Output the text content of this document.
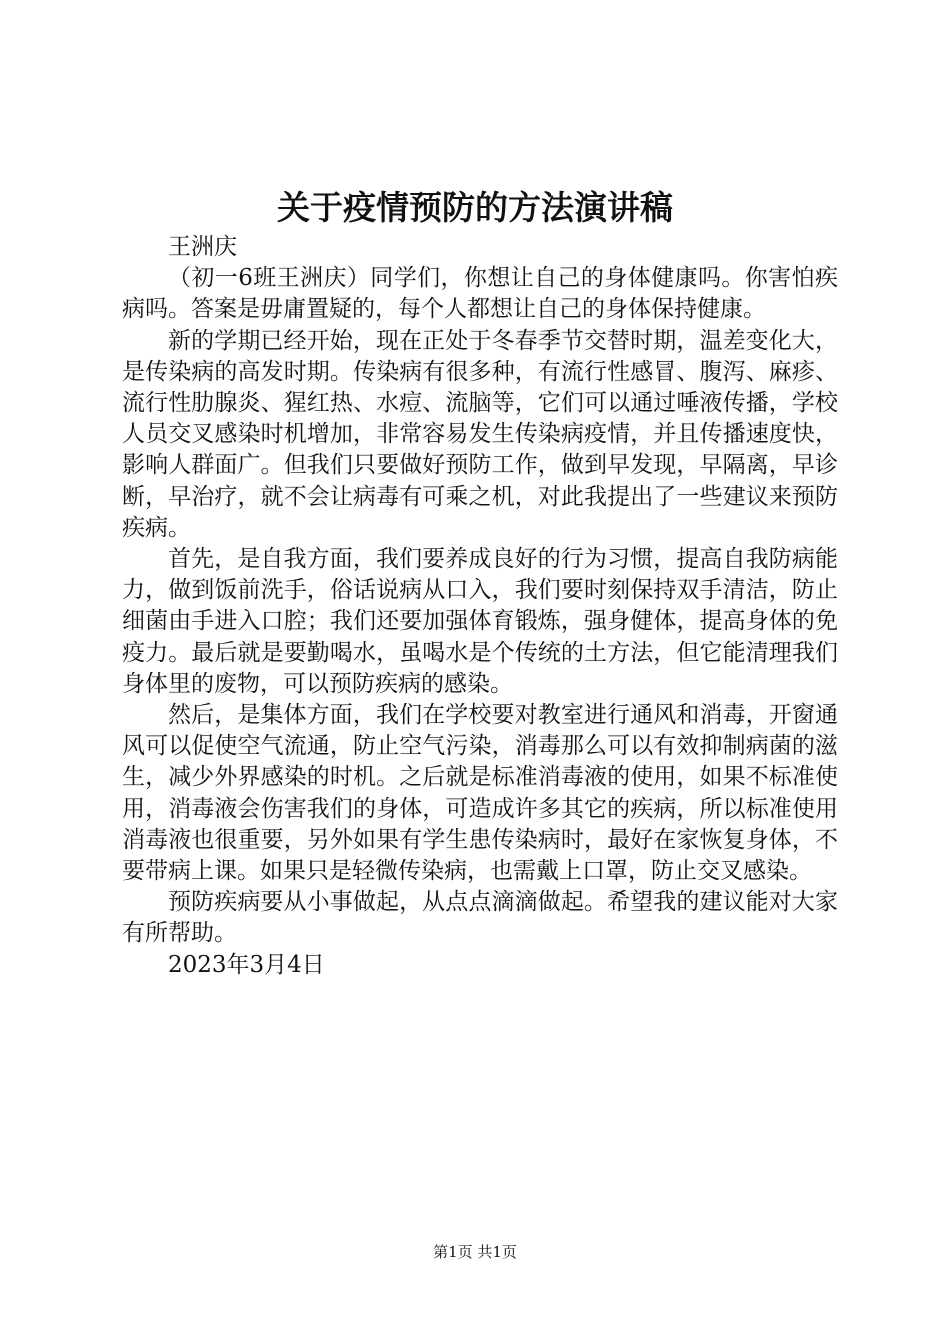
关于疫情预防的方法演讲稿

王洲庆

（初一6班王洲庆）同学们，你想让自己的身体健康吗。你害怕疾病吗。答案是毋庸置疑的，每个人都想让自己的身体保持健康。

新的学期已经开始，现在正处于冬春季节交替时期，温差变化大，是传染病的高发时期。传染病有很多种，有流行性感冒、腹泻、麻疹、流行性肋腺炎、猩红热、水痘、流脑等，它们可以通过唾液传播，学校人员交叉感染时机增加，非常容易发生传染病疫情，并且传播速度快，影响人群面广。但我们只要做好预防工作，做到早发现，早隔离，早诊断，早治疗，就不会让病毒有可乘之机，对此我提出了一些建议来预防疾病。

首先，是自我方面，我们要养成良好的行为习惯，提高自我防病能力，做到饭前洗手，俗话说病从口入，我们要时刻保持双手清洁，防止细菌由手进入口腔；我们还要加强体育锻炼，强身健体，提高身体的免疫力。最后就是要勤喝水，虽喝水是个传统的土方法，但它能清理我们身体里的废物，可以预防疾病的感染。

然后，是集体方面，我们在学校要对教室进行通风和消毒，开窗通风可以促使空气流通，防止空气污染，消毒那么可以有效抑制病菌的滋生，减少外界感染的时机。之后就是标准消毒液的使用，如果不标准使用，消毒液会伤害我们的身体，可造成许多其它的疾病，所以标准使用消毒液也很重要，另外如果有学生患传染病时，最好在家恢复身体，不要带病上课。如果只是轻微传染病，也需戴上口罩，防止交叉感染。

预防疾病要从小事做起，从点点滴滴做起。希望我的建议能对大家有所帮助。

2023年3月4日

第1页 共1页
